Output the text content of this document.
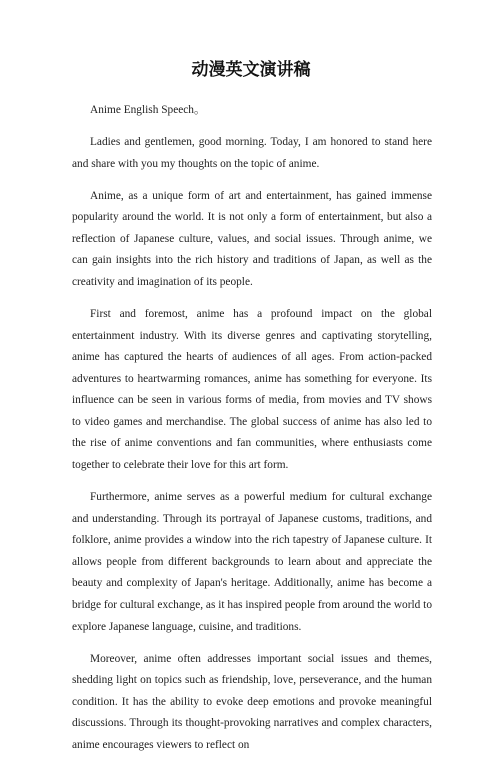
动漫英文演讲稿

Anime English Speech。

Ladies and gentlemen, good morning. Today, I am honored to stand here and share with you my thoughts on the topic of anime.

Anime, as a unique form of art and entertainment, has gained immense popularity around the world. It is not only a form of entertainment, but also a reflection of Japanese culture, values, and social issues. Through anime, we can gain insights into the rich history and traditions of Japan, as well as the creativity and imagination of its people.

First and foremost, anime has a profound impact on the global entertainment industry. With its diverse genres and captivating storytelling, anime has captured the hearts of audiences of all ages. From action-packed adventures to heartwarming romances, anime has something for everyone. Its influence can be seen in various forms of media, from movies and TV shows to video games and merchandise. The global success of anime has also led to the rise of anime conventions and fan communities, where enthusiasts come together to celebrate their love for this art form.

Furthermore, anime serves as a powerful medium for cultural exchange and understanding. Through its portrayal of Japanese customs, traditions, and folklore, anime provides a window into the rich tapestry of Japanese culture. It allows people from different backgrounds to learn about and appreciate the beauty and complexity of Japan's heritage. Additionally, anime has become a bridge for cultural exchange, as it has inspired people from around the world to explore Japanese language, cuisine, and traditions.

Moreover, anime often addresses important social issues and themes, shedding light on topics such as friendship, love, perseverance, and the human condition. It has the ability to evoke deep emotions and provoke meaningful discussions. Through its thought-provoking narratives and complex characters, anime encourages viewers to reflect on
